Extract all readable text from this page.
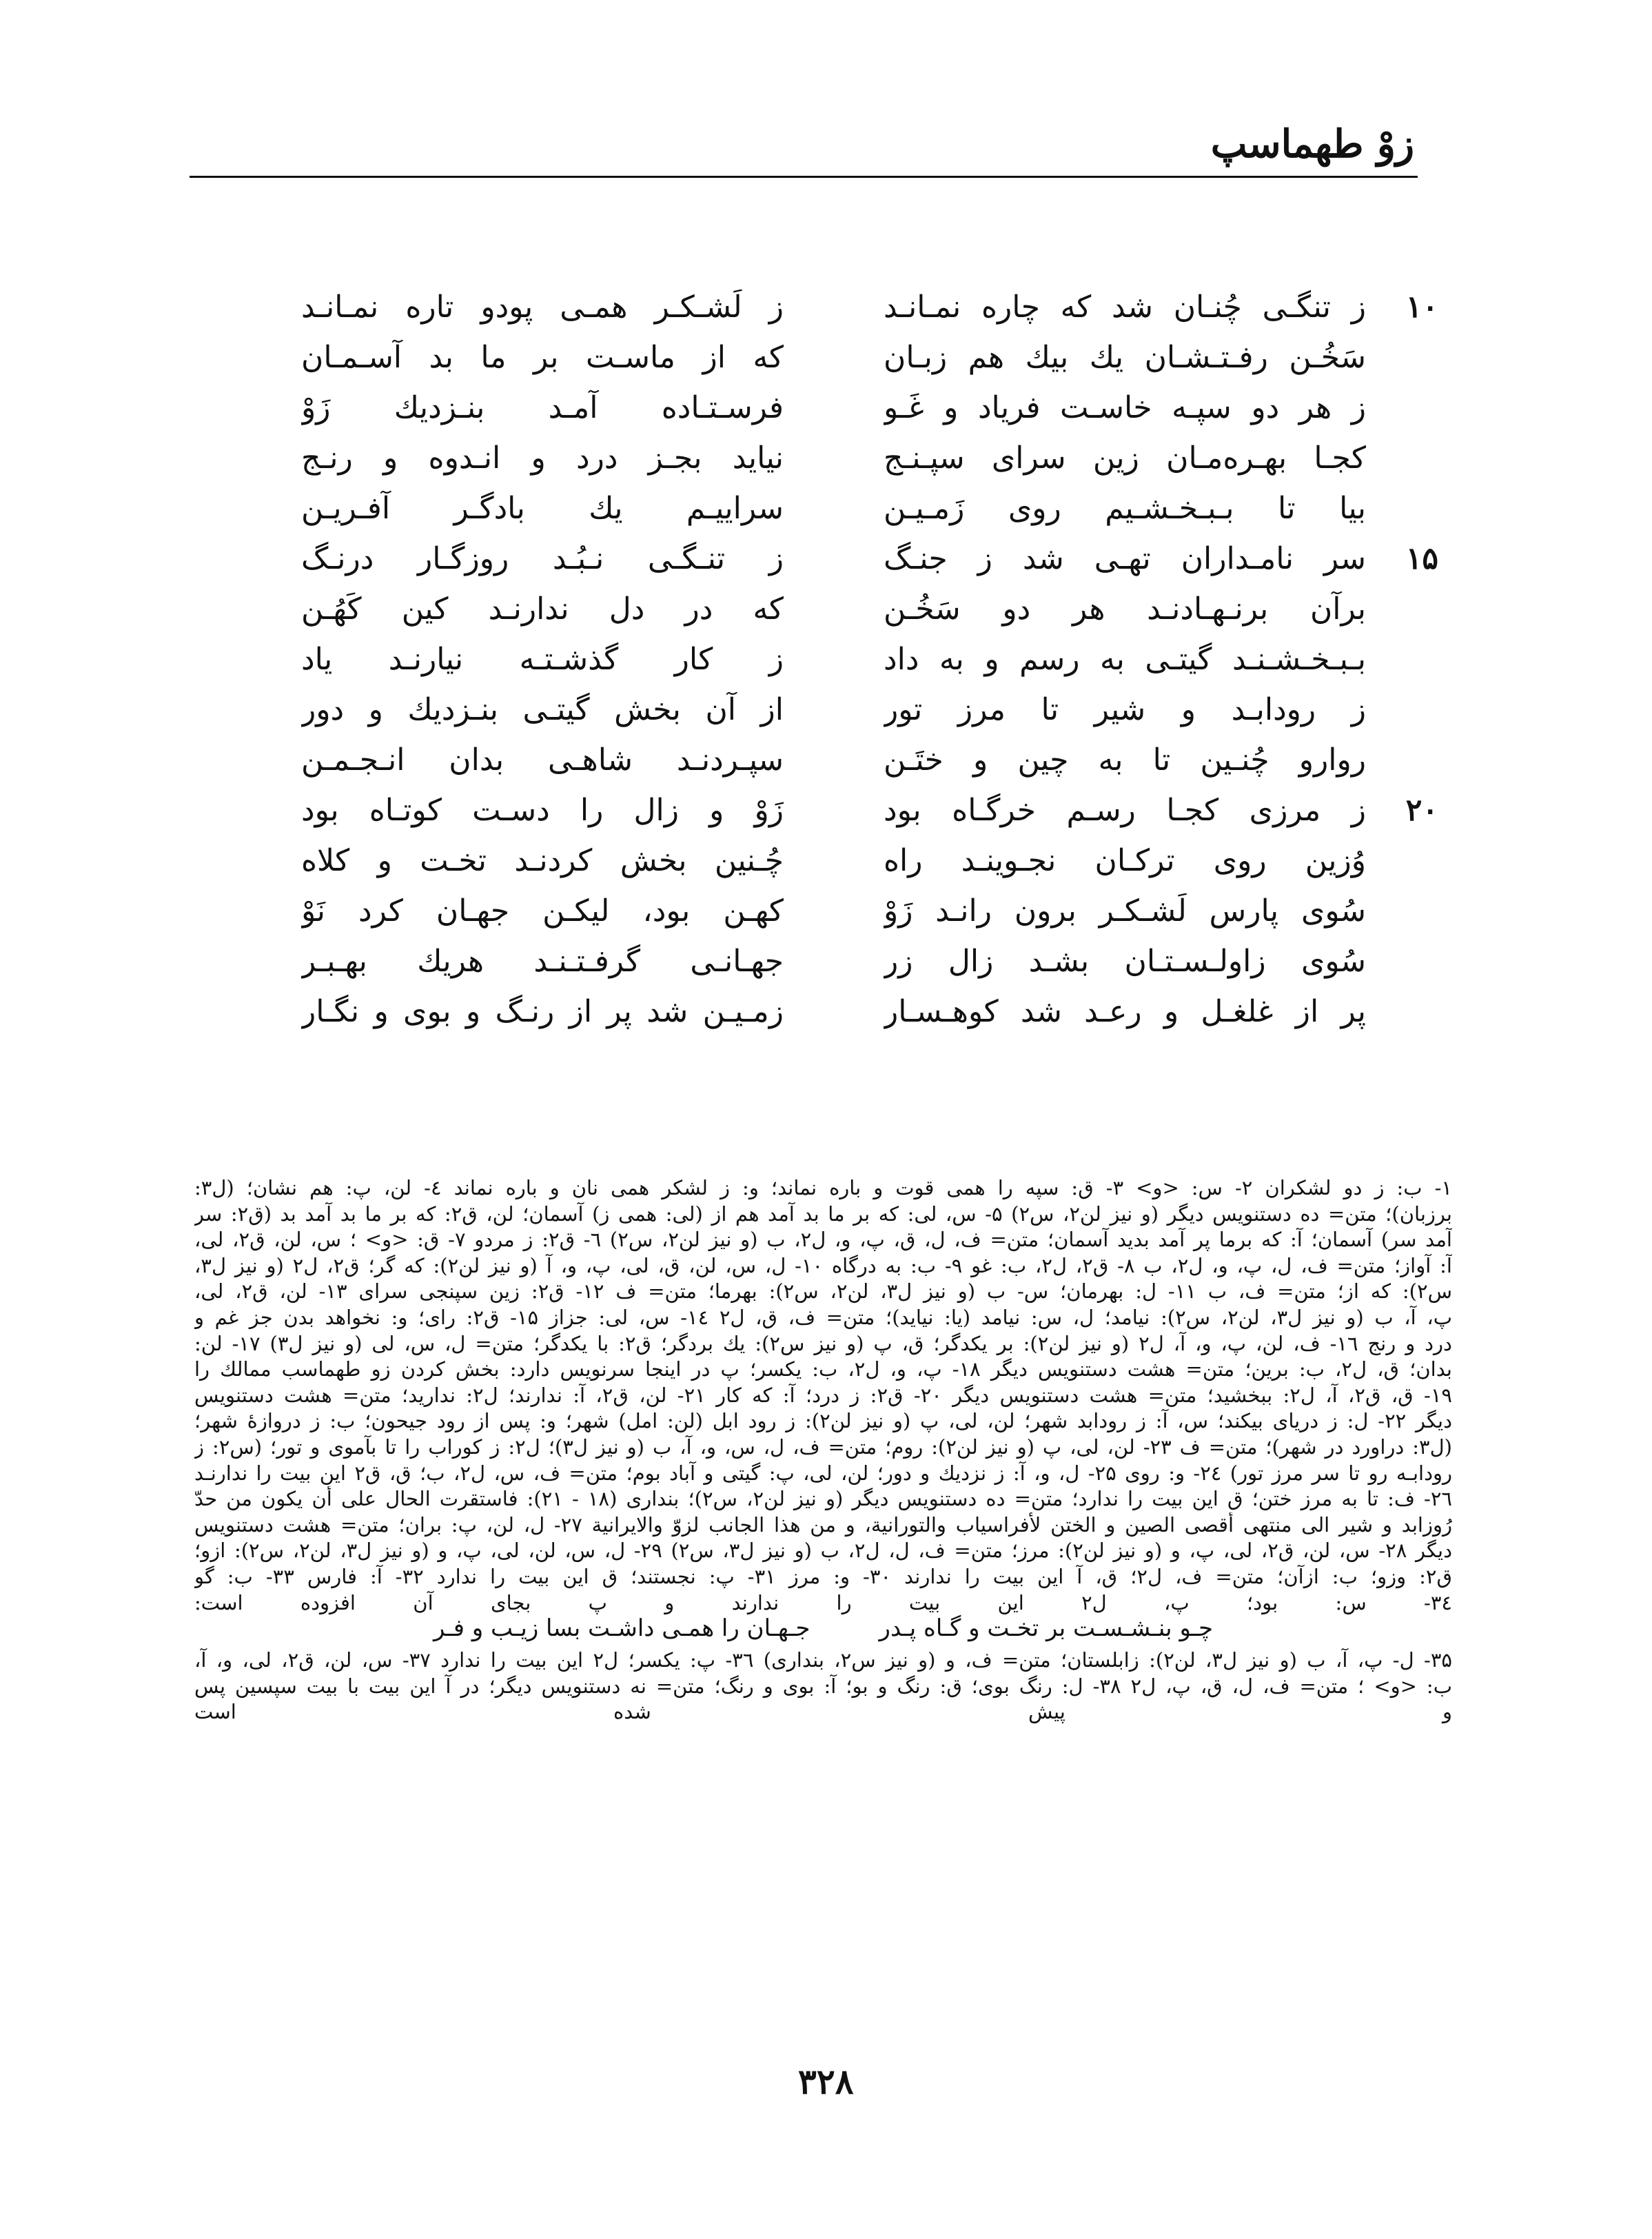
زوْ طهماسپ
۱۰
ز تنگـی چُنـان شد که چاره نمـانـد
ز لَشـکـر همـی پودو تاره نمـانـد
سَخُـن رفـتـشـان یك بیك هم زبـان
که از ماسـت بر ما بد آسـمـان
ز هر دو سپـه خاسـت فریاد و غَـو
فرسـتـاده آمـد بنـزدیك زَوْ
کجـا بهـره‌مـان زین سرای سپـنـج
نیاید بجـز درد و انـدوه و رنـج
بیا تا بـبـخـشـیم روی زَمـیـن
سراییـم یك بادگـر آفـریـن
۱۵
سر نامـداران تهـی شد ز جنـگ
ز تنـگـی نـبُـد روزگـار درنـگ
برآن برنـهـادنـد هر دو سَخُـن
که در دل ندارنـد کین کَهُـن
بـبـخـشـنـد گیتـی به رسم و به داد
ز کار گذشـتـه نیارنـد یاد
ز رودابـد و شیر تا مرز تور
از آن بخش گیتـی بنـزدیك و دور
روارو چُنـین تا به چین و ختَـن
سپـردنـد شاهـی بدان انـجـمـن
۲۰
ز مرزی کجـا رسـم خرگـاه بود
زَوْ و زال را دسـت کوتـاه بود
وُزین روی ترکـان نجـوینـد راه
چُـنین بخش کردنـد تخـت و کلاه
سُوی پارس لَشـکـر برون رانـد زَوْ
کهـن بود، لیکـن جهـان کرد نَوْ
سُوی زاولـسـتـان بشـد زال زر
جهـانـی گرفـتـنـد هریك بهـبـر
پر از غلغـل و رعـد شد کوهـسـار
زمـیـن شد پر از رنـگ و بوی و نگـار
۱- ب: ز دو لشکران ۲- س: <و> ۳- ق: سپه را همی قوت و باره نماند؛ و: ز لشکر همی نان و باره نماند ٤- لن، پ: هم نشان؛ (ل۳:
برزبان)؛ متن= ده دستنویس دیگر (و نیز لن۲، س۲) ۵- س، لی: که بر ما بد آمد هم از (لی: همی ز) آسمان؛ لن، ق۲: که بر ما بد آمد بد (ق۲: سر
آمد سر) آسمان؛ آ: که برما پر آمد بدید آسمان؛ متن= ف، ل، ق، پ، و، ل۲، ب (و نیز لن۲، س۲) ٦- ق۲: ز مردو ۷- ق: <و> ؛ س، لن، ق۲، لی،
آ: آواز؛ متن= ف، ل، پ، و، ل۲، ب ۸- ق۲، ل۲، ب: غو ۹- ب: به درگاه ۱۰- ل، س، لن، ق، لی، پ، و، آ (و نیز لن۲): که گر؛ ق۲، ل۲ (و نیز ل۳،
س۲): که از؛ متن= ف، ب ۱۱- ل: بهرمان؛ س- ب (و نیز ل۳، لن۲، س۲): بهرما؛ متن= ف ۱۲- ق۲: زین سپنجی سرای ۱۳- لن، ق۲، لی،
پ، آ، ب (و نیز ل۳، لن۲، س۲): نیامد؛ ل، س: نیامد (یا: نیاید)؛ متن= ف، ق، ل۲ ۱٤- س، لی: جزاز ۱۵- ق۲: رای؛ و: نخواهد بدن جز غم و
درد و رنج ۱٦- ف، لن، پ، و، آ، ل۲ (و نیز لن۲): بر یکدگر؛ ق، پ (و نیز س۲): یك بردگر؛ ق۲: با یکدگر؛ متن= ل، س، لی (و نیز ل۳) ۱۷- لن:
بدان؛ ق، ل۲، ب: برین؛ متن= هشت دستنویس دیگر ۱۸- پ، و، ل۲، ب: یکسر؛ پ در اینجا سرنویس دارد: بخش کردن زو طهماسب ممالك را
۱۹- ق، ق۲، آ، ل۲: ببخشید؛ متن= هشت دستنویس دیگر ۲۰- ق۲: ز درد؛ آ: که کار ۲۱- لن، ق۲، آ: ندارند؛ ل۲: ندارید؛ متن= هشت دستنویس
دیگر ۲۲- ل: ز دریای بیکند؛ س، آ: ز رودابد شهر؛ لن، لی، پ (و نیز لن۲): ز رود ابل (لن: امل) شهر؛ و: پس از رود جیحون؛ ب: ز دروازهٔ شهر؛
(ل۳: دراورد در شهر)؛ متن= ف ۲۳- لن، لی، پ (و نیز لن۲): روم؛ متن= ف، ل، س، و، آ، ب (و نیز ل۳)؛ ل۲: ز کوراب را تا بآموی و تور؛ (س۲: ز
رودابـه رو تا سر مرز تور) ۲٤- و: روی ۲۵- ل، و، آ: ز نزدیك و دور؛ لن، لی، پ: گیتی و آباد بوم؛ متن= ف، س، ل۲، ب؛ ق، ق۲ این بیت را ندارنـد
۲٦- ف: تا به مرز ختن؛ ق این بیت را ندارد؛ متن= ده دستنویس دیگر (و نیز لن۲، س۲)؛ بنداری (۱۸ - ۲۱): فاستقرت الحال علی أن یکون من حدّ
رُوزابد و شیر الی منتهی أقصی الصین و الختن لأفراسیاب والتورانیة، و من هذا الجانب لزوّ والایرانیة ۲۷- ل، لن، پ: بران؛ متن= هشت دستنویس
دیگر ۲۸- س، لن، ق۲، لی، پ، و (و نیز لن۲): مرز؛ متن= ف، ل، ل۲، ب (و نیز ل۳، س۲) ۲۹- ل، س، لن، لی، پ، و (و نیز ل۳، لن۲، س۲): ازو؛
ق۲: وزو؛ ب: ازآن؛ متن= ف، ل۲؛ ق، آ این بیت را ندارند ۳۰- و: مرز ۳۱- پ: نجستند؛ ق این بیت را ندارد ۳۲- آ: فارس ۳۳- ب: گو
۳٤- س: بود؛ پ، ل۲ این بیت را ندارند و پ بجای آن افزوده است:
چـو بنـشـسـت بر تخـت و گـاه پـدر
جـهـان را همـی داشـت بسا زیـب و فـر
۳۵- ل- پ، آ، ب (و نیز ل۳، لن۲): زابلستان؛ متن= ف، و (و نیز س۲، بنداری) ۳٦- پ: یکسر؛ ل۲ این بیت را ندارد ۳۷- س، لن، ق۲، لی، و، آ،
ب: <و> ؛ متن= ف، ل، ق، پ، ل۲ ۳۸- ل: رنگ بوی؛ ق: رنگ و بو؛ آ: بوی و رنگ؛ متن= نه دستنویس دیگر؛ در آ این بیت با بیت سپسین پس
و پیش شده است
۳۲۸
